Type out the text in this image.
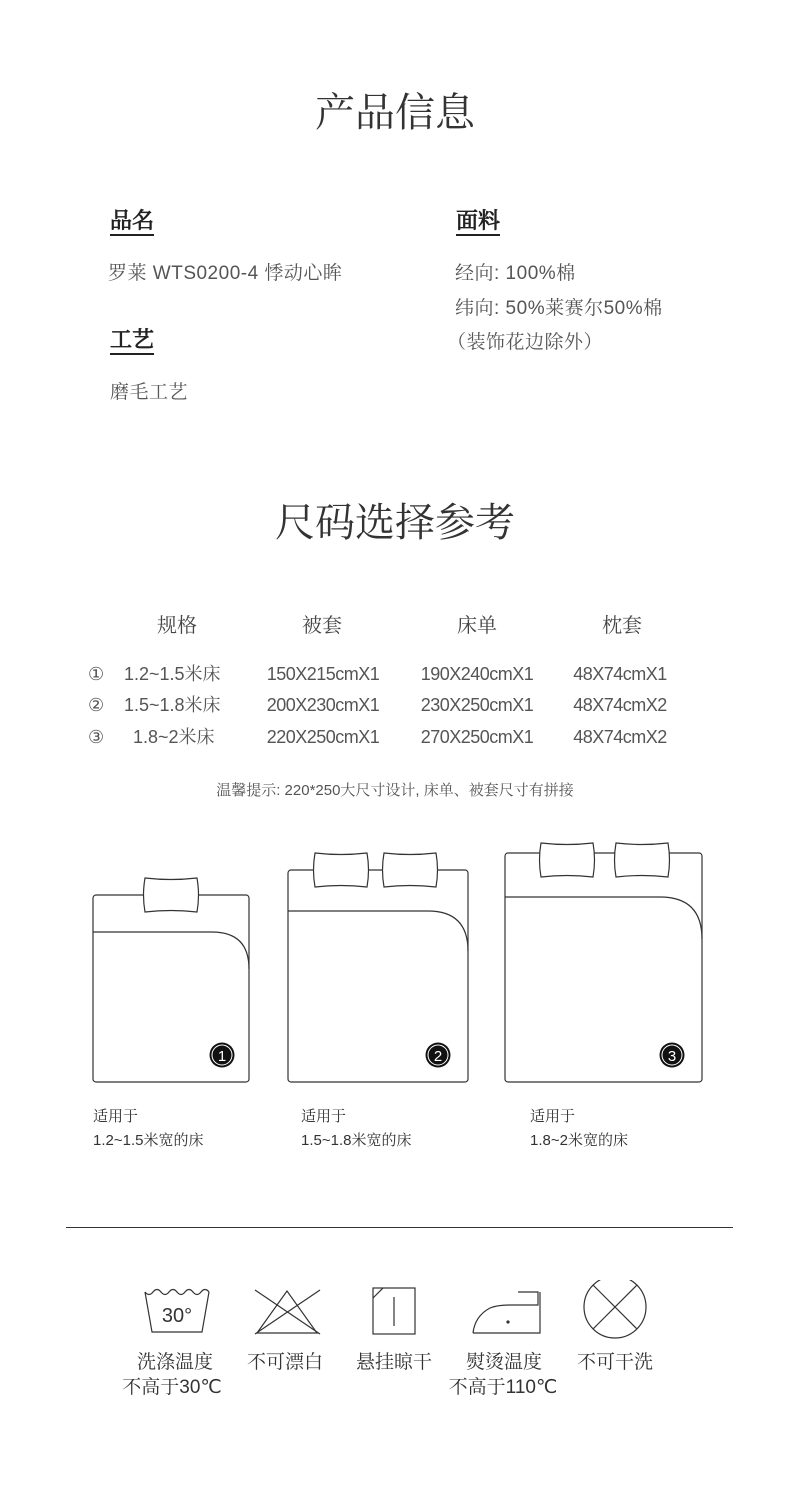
产品信息
品名
罗莱 WTS0200-4 悸动心眸
工艺
磨毛工艺
面料
经向: 100%棉
纬向: 50%莱赛尔50%棉
（装饰花边除外）
尺码选择参考
规格	被套	床单	枕套
① 1.2~1.5米床	150X215cmX1	190X240cmX1	48X74cmX1
② 1.5~1.8米床	200X230cmX1	230X250cmX1	48X74cmX2
③ 1.8~2米床	220X250cmX1	270X250cmX1	48X74cmX2
温馨提示: 220*250大尺寸设计, 床单、被套尺寸有拼接
1	2	3
适用于
1.2~1.5米宽的床
适用于
1.5~1.8米宽的床
适用于
1.8~2米宽的床
30°
洗涤温度
不高于30℃
不可漂白	悬挂晾干	熨烫温度
不高于110℃
不可干洗
